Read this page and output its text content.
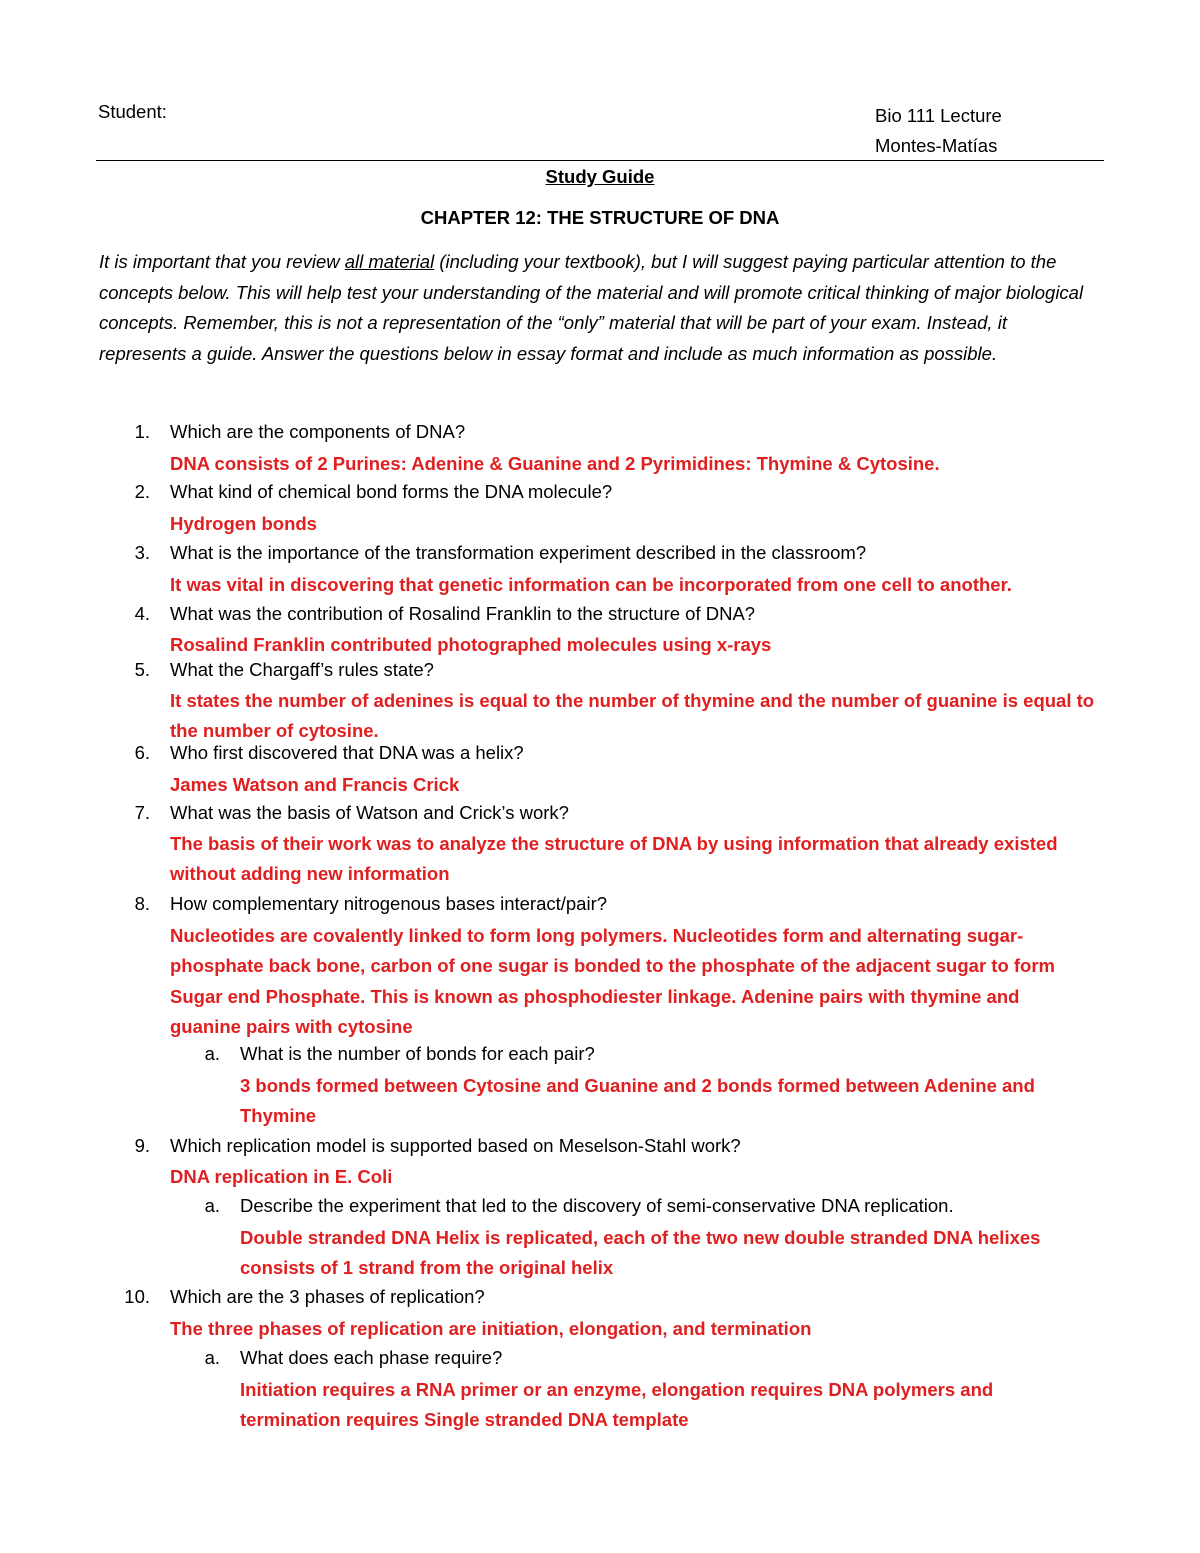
Student:	Bio 111 Lecture
Montes-Matías
Study Guide
CHAPTER 12: THE STRUCTURE OF DNA
It is important that you review all material (including your textbook), but I will suggest paying particular attention to the concepts below. This will help test your understanding of the material and will promote critical thinking of major biological concepts. Remember, this is not a representation of the “only” material that will be part of your exam. Instead, it represents a guide. Answer the questions below in essay format and include as much information as possible.
1. Which are the components of DNA?
DNA consists of 2 Purines: Adenine & Guanine and 2 Pyrimidines: Thymine & Cytosine.
2. What kind of chemical bond forms the DNA molecule?
Hydrogen bonds
3. What is the importance of the transformation experiment described in the classroom?
It was vital in discovering that genetic information can be incorporated from one cell to another.
4. What was the contribution of Rosalind Franklin to the structure of DNA?
Rosalind Franklin contributed photographed molecules using x-rays
5. What the Chargaff’s rules state?
It states the number of adenines is equal to the number of thymine and the number of guanine is equal to the number of cytosine.
6. Who first discovered that DNA was a helix?
James Watson and Francis Crick
7. What was the basis of Watson and Crick’s work?
The basis of their work was to analyze the structure of DNA by using information that already existed without adding new information
8. How complementary nitrogenous bases interact/pair?
Nucleotides are covalently linked to form long polymers. Nucleotides form and alternating sugar-phosphate back bone, carbon of one sugar is bonded to the phosphate of the adjacent sugar to form Sugar end Phosphate. This is known as phosphodiester linkage. Adenine pairs with thymine and guanine pairs with cytosine
a. What is the number of bonds for each pair?
3 bonds formed between Cytosine and Guanine and 2 bonds formed between Adenine and Thymine
9. Which replication model is supported based on Meselson-Stahl work?
DNA replication in E. Coli
a. Describe the experiment that led to the discovery of semi-conservative DNA replication.
Double stranded DNA Helix is replicated, each of the two new double stranded DNA helixes consists of 1 strand from the original helix
10. Which are the 3 phases of replication?
The three phases of replication are initiation, elongation, and termination
a. What does each phase require?
Initiation requires a RNA primer or an enzyme, elongation requires DNA polymers and termination requires Single stranded DNA template
